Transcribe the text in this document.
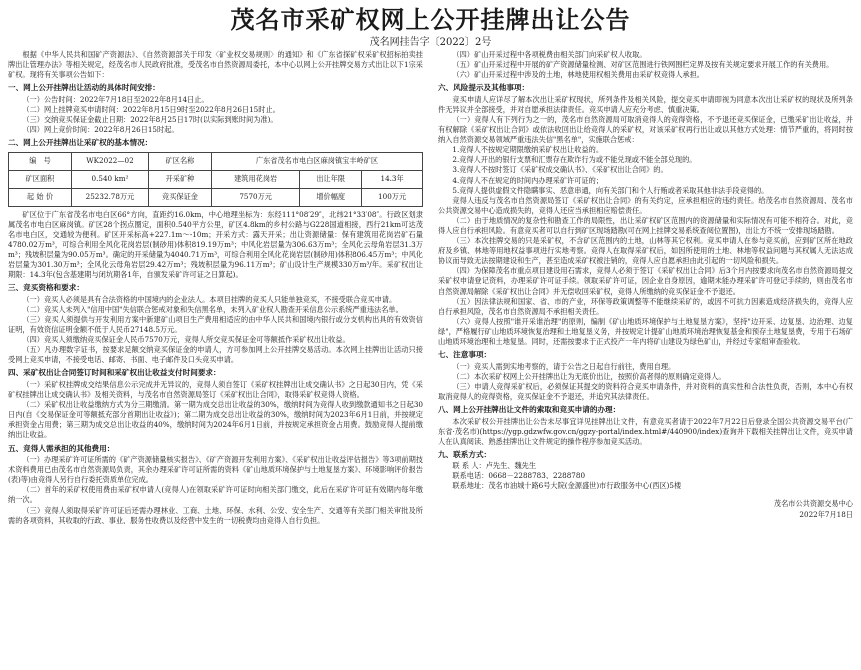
茂名市采矿权网上公开挂牌出让公告
茂名网挂告字〔2022〕2号

根据《中华人民共和国矿产资源法》、《自然资源部关于印发〈矿业权交易规则〉的通知》和《广东省探矿权采矿权招标拍卖挂牌出让管理办法》等相关规定，经茂名市人民政府批准，受茂名市自然资源局委托，本中心以网上公开挂牌交易方式出让以下1宗采矿权。现将有关事项公告如下：

一、网上公开挂牌出让活动的具体时间安排：

（一）公告时间：2022年7月18日至2022年8月14日止。

（二）网上挂牌竞买申请时间：2022年8月15日9时至2022年8月26日15时止。

（三）交纳竞买保证金截止日期：2022年8月25日17时(以实际到账时间为准)。

（四）网上竞价时间：2022年8月26日15时起。

二、网上公开挂牌出让采矿权的基本情况：
编　号	WK2022—02	矿区名称	广东省茂名市电白区麻岗镇宝丰岭矿区		
矿区面积	0.540 km²	开采矿种	建筑用花岗岩	出让年限	14.3年
起 始 价	25232.78万元	竞买保证金	7570万元	增价幅度	100万元

矿区位于广东省茂名市电白区66°方向，直距约16.0km，中心地理坐标为：东经111°08′29″，北纬21°33′08″。行政区划隶属茂名市电白区麻岗镇。矿区28个拐点圈定，面积0.540平方公里，矿区4.8km的乡村公路与G228国道相接，西行21km可达茂名市电白区，交通较为便利。矿区开采标高+227.1m～-10m；开采方式：露天开采；出让资源储量：保有建筑用花岗岩矿石量4780.02万m³，可综合利用全风化花岗岩层(制砂用)体积819.19万m³；中风化岩层量为306.63万m³；全风化云母角岩层31.3万m³；残坡积层量为90.05万m³。确定的开采储量为4040.71万m³，可综合利用全风化花岗岩层(制砂用)体积806.45万m³；中风化岩层量为301.30万m³；全风化云母角岩层29.42万m³；残坡积层量为96.11万m³；矿山设计生产规模330万m³/年。采矿权出让期限：14.3年(包含基建期与闭坑期各1年，自颁发采矿许可证之日算起)。

三、竞买资格和要求：

（一）竞买人必须是具有合法资格的中国境内的企业法人。本项目挂牌的竞买人只能单独竞买，不接受联合竞买申请。

（二）竞买人未列入"信用中国"失信联合惩戒对象和失信黑名单，未列入矿业权人勘查开采信息公示系统严重违法名单。

（三）竞买人须提供与开发利用方案中新建矿山项目生产费用相适应的由中华人民共和国境内银行或分支机构出具的有效资信证明，有效资信证明金额不低于人民币27148.5万元。

（四）竞买人须缴纳竞买保证金人民币7570万元，竞得人所交竞买保证金可等额抵作采矿权出让收益。

（五）凡办理数字证书，按要求足额交纳竞买保证金的申请人，方可参加网上公开挂牌交易活动。本次网上挂牌出让活动只接受网上竞买申请，不接受电话、邮寄、书面、电子邮件及口头竞买申请。

四、采矿权出让合同签订时间和采矿权出让收益支付时间要求：

（一）采矿权挂牌成交结果信息公示完成并无异议的，竞得人须自签订《采矿权挂牌出让成交确认书》之日起30日内，凭《采矿权挂牌出让成交确认书》及相关资料，与茂名市自然资源局签订《采矿权出让合同》，取得采矿权竞得人资格。

（二）采矿权出让收益缴纳方式为分三期缴清。第一期为成交总出让收益的30%，缴纳时间为竞得人收到缴款通知书之日起30日内(自《交易保证金可等额抵充部分首期出让收益》)；第二期为成交总出让收益的30%，缴纳时间为2023年6月1日前，并按规定承担资金占用费；第三期为成交总出让收益的40%，缴纳时间为2024年6月1日前，并按规定承担资金占用费。鼓励竞得人提前缴纳出让收益。

五、竞得人需承担的其他费用：

（一）办理采矿许可证所需的《矿产资源储量核实报告》、《矿产资源开发利用方案》、《采矿权出让收益评估报告》等3项前期技术资料费用已由茂名市自然资源局负责，其余办理采矿许可证所需的资料《矿山地质环境保护与土地复垦方案》、环境影响评价报告(表)等)由竞得人另行自行委托资质单位完成。

（二）首年的采矿权使用费由采矿权申请人(竞得人)在领取采矿许可证时向相关部门缴交，此后在采矿许可证有效期内每年缴纳一次。

（三）竞得人须取得采矿许可证后还需办理林业、工商、土地、环保、水利、公安、安全生产、交通等有关部门相关审批及所需的各项资料，其收取的行政、事业、服务性收费以及经营中发生的一切税费均由竞得人自行负担。

（四）矿山开采过程中各项税费由相关部门向采矿权人收取。

（五）矿山开采过程中开展的矿产资源储量检测、对矿区范围进行铁网围栏定界及按有关规定要求开展工作的有关费用。

（六）矿山开采过程中涉及的土地，林地使用权相关费用由采矿权竞得人承担。

六、风险提示及其他事项：

竞买申请人应详尽了解本次出让采矿权现状，所列条件及相关风险，提交竞买申请即视为同意本次出让采矿权的现状及所列条件无异议并全部接受，并对自愿承担法律责任。竞买申请人应充分考虑、慎重决策。

（一）竞得人有下列行为之一的，茂名市自然资源局可取消竞得人的竞得资格，不予退还竞买保证金，已缴采矿出让收益，并有权解除《采矿权出让合同》或依法收回出让给竞得人的采矿权，对该采矿权再行出让或以其他方式处理：情节严重的，将同时按纳入自然资源交易领域严重违法失信"黑名单"，实施联合惩戒：

1.竞得人不按规定期限缴纳采矿权出让收益的。

2.竞得人开出的银行支票和汇票存在欺诈行为或不能兑现或不能全部兑现的。

3.竞得人不按时签订《采矿权成交确认书》、《采矿权出让合同》的。

4.竞得人不在规定的时间内办理采矿许可证的；

5.竞得人提供虚假文件隐瞒事实、恶意串通，向有关部门和个人行贿或者采取其他非法手段竞得的。

竞得人违反与茂名市自然资源局签订《采矿权出让合同》的有关约定，应承担相应的违约责任。给茂名市自然资源局、茂名市公共资源交易中心造成损失的，竞得人还应当承担相应赔偿责任。

（二）由于地质情况的复杂性和勘查工作的局限性，出让采矿权矿区范围内的资源储量和实际情况有可能不相符合。对此，竞得人应自行承担风险。有意竞买者可以自行到矿区现场踏勘(可在网上挂牌交易系统查阅位置图)，出让方不统一安排现场踏勘。

（三）本次挂牌交易的只是采矿权，不含矿区范围内的土地，山林等其它权利。竞买申请人在参与竞买前，应到矿区所在地政府及乡镇、林地等用地权益事项进行实地考察。竞得人在取得采矿权后，如因所使用的土地、林地等权益问题与其权属人无法达成协议而导致无法按期建设和生产，甚至造成采矿权被注销的，竞得人应自愿承担由此引起的一切风险和损失。

（四）为保障茂名市重点项目建设用石需求，竞得人必须于签订《采矿权出让合同》后3个月内按要求向茂名市自然资源局提交采矿权申请登记资料，办理采矿许可证手续。领取采矿许可证，因企业自身原因，逾期未能办理采矿许可登记手续的，则由茂名市自然资源局解除《采矿权出让合同》并无偿收回采矿权，竞得人所缴纳的竞买保证金不予退还。

（五）因法律法规和国家、省、市的产业，环保等政策调整等不能继续采矿的，或因不可抗力因素造成经济损失的，竞得人应自行承担风险，茂名市自然资源局不承担相关责任。

（六）竞得人按照"谁开采谁治理"的原则，编制《矿山地质环境保护与土地复垦方案》，坚持"边开采、边复垦、边治理、边复绿"，严格履行矿山地质环境恢复治理和土地复垦义务，并按规定计提矿山地质环境治理恢复基金和预存土地复垦费，专用于石场矿山地质环境治理和土地复垦。同时，还需按要求于正式投产一年内将矿山建设为绿色矿山，并经过专家组审查验收。

七、注意事项：

（一）竞买人需到实地考察的，请于公告之日起自行前往，费用自理。

（二）本次采矿权网上公开挂牌出让为无底价出让，按照价高者得的原则确定竞得人。

（三）申请人竞得采矿权后，必须保证其提交的资料符合竞买申请条件，并对资料的真实性和合法性负责，否则，本中心有权取消竞得人的竞得资格，竞买保证金不予退还，并追究其法律责任。

八、网上公开挂牌出让文件的索取和竞买申请的办理：

本次采矿权公开挂牌出让公告未尽事宜详见挂牌出让文件，有意竞买者请于2022年7月22日后登录全国公共资源交易平台(广东省·茂名市)(https://ygp.gdzwfw.gov.cn/ggzy-portal/index.html#/440900/index)查询并下载相关挂牌出让文件，竞买申请人在认真阅读、熟悉挂牌出让文件规定的操作程序参加竞买活动。

九、联系方式：

联 系 人：卢先生、魏先生

联系电话：0668－2288783、2288780

联系地址：茂名市油城十路6号大院(金源盛世)市行政服务中心(西区)5楼

茂名市公共资源交易中心
2022年7月18日
